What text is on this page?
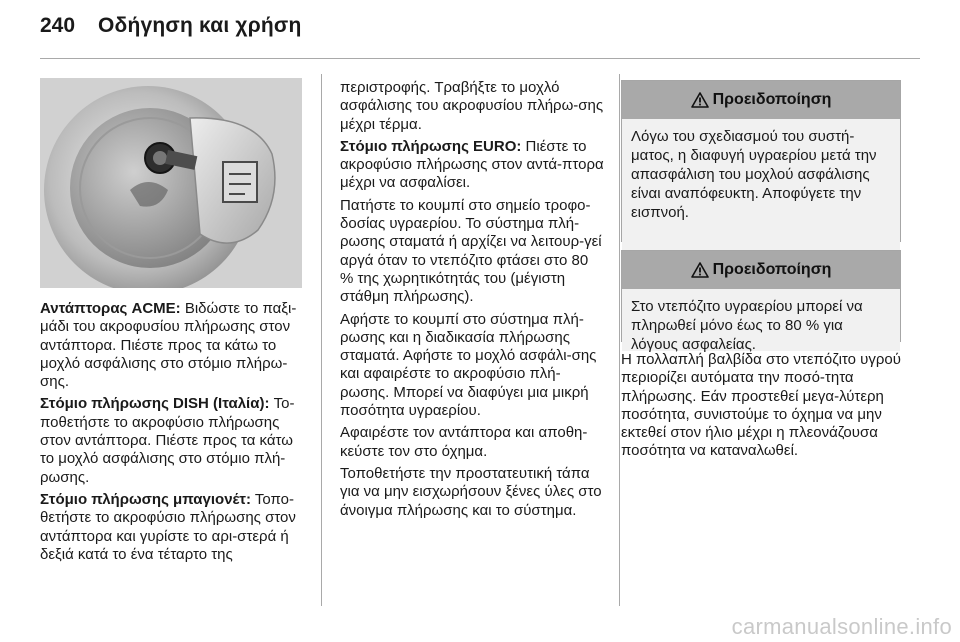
240	Οδήγηση και χρήση

Αντάπτορας ACME: Βιδώστε το παξι-μάδι του ακροφυσίου πλήρωσης στον αντάπτορα. Πιέστε προς τα κάτω το μοχλό ασφάλισης στο στόμιο πλήρω-σης.

Στόμιο πλήρωσης DISH (Ιταλία): Το-ποθετήστε το ακροφύσιο πλήρωσης στον αντάπτορα. Πιέστε προς τα κάτω το μοχλό ασφάλισης στο στόμιο πλή-ρωσης.

Στόμιο πλήρωσης μπαγιονέτ: Τοπο-θετήστε το ακροφύσιο πλήρωσης στον αντάπτορα και γυρίστε το αρι-στερά ή δεξιά κατά το ένα τέταρτο της

περιστροφής. Τραβήξτε το μοχλό ασφάλισης του ακροφυσίου πλήρω-σης μέχρι τέρμα.

Στόμιο πλήρωσης EURO: Πιέστε το ακροφύσιο πλήρωσης στον αντά-πτορα μέχρι να ασφαλίσει.

Πατήστε το κουμπί στο σημείο τροφο-δοσίας υγραερίου. Το σύστημα πλή-ρωσης σταματά ή αρχίζει να λειτουρ-γεί αργά όταν το ντεπόζιτο φτάσει στο 80 % της χωρητικότητάς του (μέγιστη στάθμη πλήρωσης).

Αφήστε το κουμπί στο σύστημα πλή-ρωσης και η διαδικασία πλήρωσης σταματά. Αφήστε το μοχλό ασφάλι-σης και αφαιρέστε το ακροφύσιο πλή-ρωσης. Μπορεί να διαφύγει μια μικρή ποσότητα υγραερίου.

Αφαιρέστε τον αντάπτορα και αποθη-κεύστε τον στο όχημα.

Τοποθετήστε την προστατευτική τάπα για να μην εισχωρήσουν ξένες ύλες στο άνοιγμα πλήρωσης και το σύστημα.

Προειδοποίηση
Λόγω του σχεδιασμού του συστή-ματος, η διαφυγή υγραερίου μετά την απασφάλιση του μοχλού ασφάλισης είναι αναπόφευκτη. Αποφύγετε την εισπνοή.
Προειδοποίηση
Στο ντεπόζιτο υγραερίου μπορεί να πληρωθεί μόνο έως το 80 % για λόγους ασφαλείας.

Η πολλαπλή βαλβίδα στο ντεπόζιτο υγρού περιορίζει αυτόματα την ποσό-τητα πλήρωσης. Εάν προστεθεί μεγα-λύτερη ποσότητα, συνιστούμε το όχημα να μην εκτεθεί στον ήλιο μέχρι η πλεονάζουσα ποσότητα να καταναλωθεί.

carmanualsonline.info
